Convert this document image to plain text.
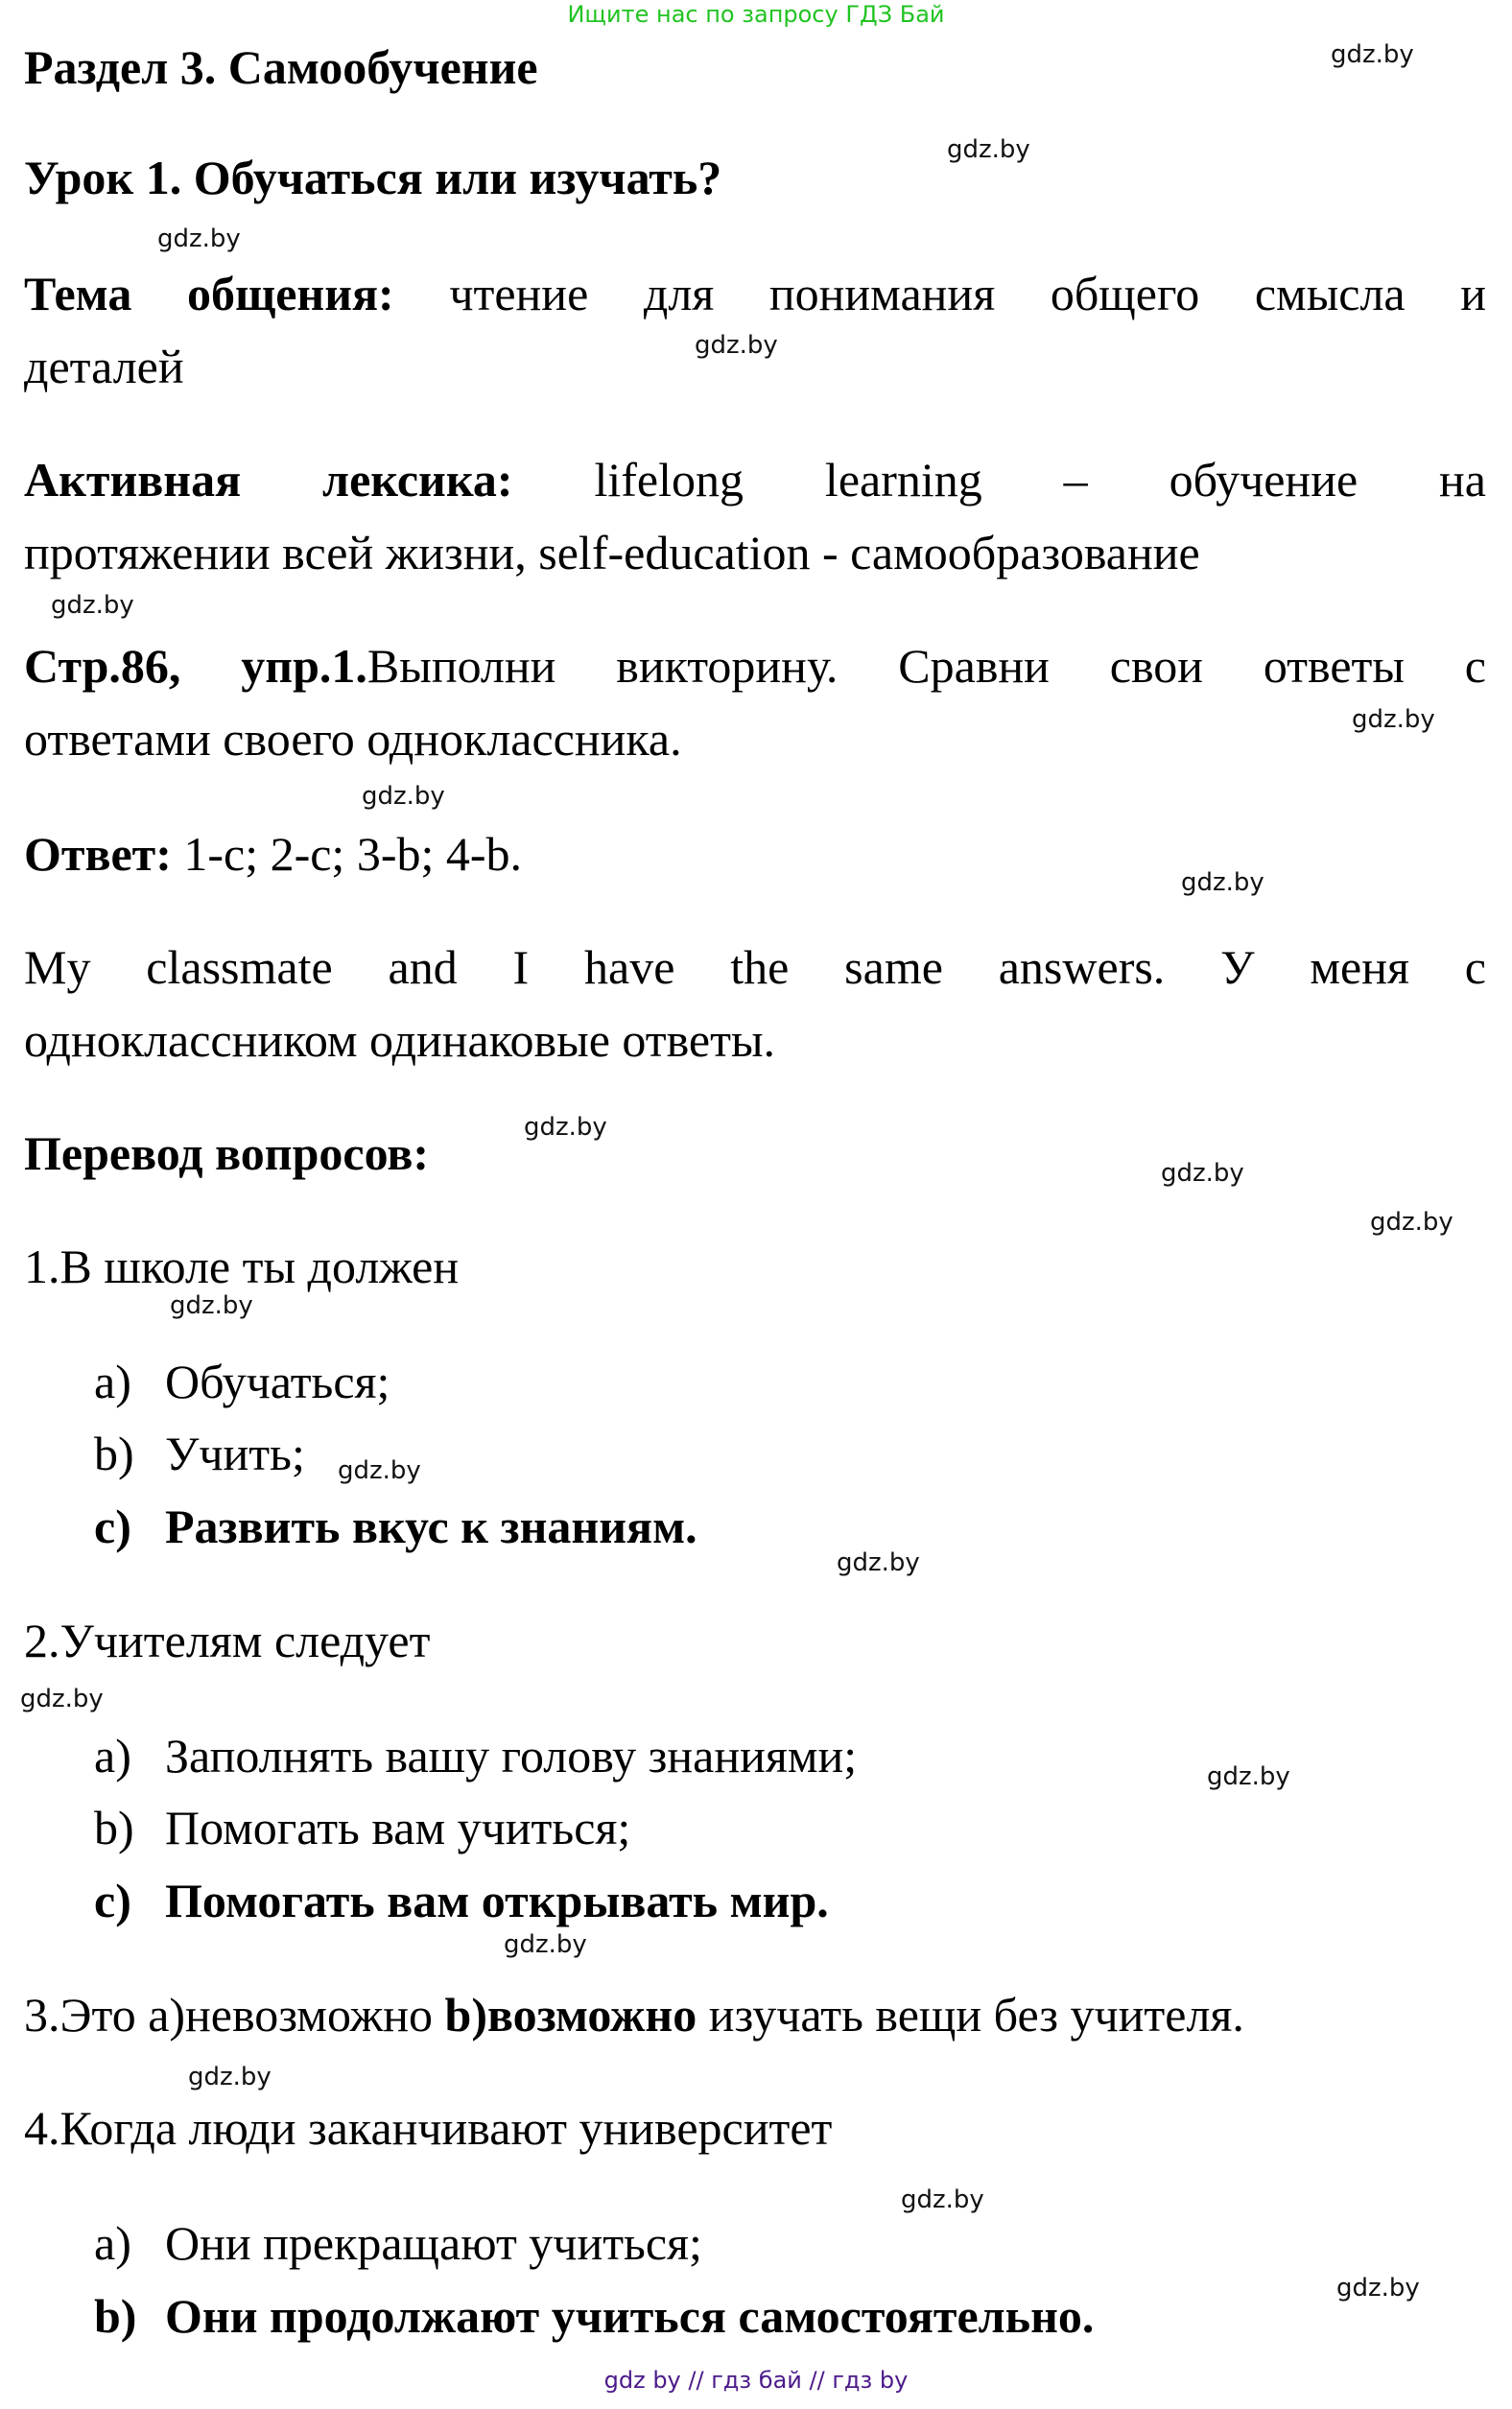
Ищите нас по запросу ГДЗ Бай
Раздел 3. Самообучение
Урок 1. Обучаться или изучать?
Тема общения: чтение для понимания общего смысла и
деталей
Активная лексика: lifelong learning – обучение на
протяжении всей жизни, self-education - самообразование
Стр.86, упр.1.Выполни викторину. Сравни свои ответы с
ответами своего одноклассника.
Ответ: 1-c; 2-c; 3-b; 4-b.
My classmate and I have the same answers. У меня с
одноклассником одинаковые ответы.
Перевод вопросов:
1.В школе ты должен
a) Обучаться;
b) Учить;
c) Развить вкус к знаниям.
2.Учителям следует
a) Заполнять вашу голову знаниями;
b) Помогать вам учиться;
c) Помогать вам открывать мир.
3.Это a)невозможно b)возможно изучать вещи без учителя.
4.Когда люди заканчивают университет
a) Они прекращают учиться;
b) Они продолжают учиться самостоятельно.
gdz.by
gdz.by
gdz.by
gdz.by
gdz.by
gdz.by
gdz.by
gdz.by
gdz.by
gdz.by
gdz.by
gdz.by
gdz.by
gdz.by
gdz.by
gdz.by
gdz.by
gdz.by
gdz.by
gdz.by
gdz by // гдз бай // гдз by
